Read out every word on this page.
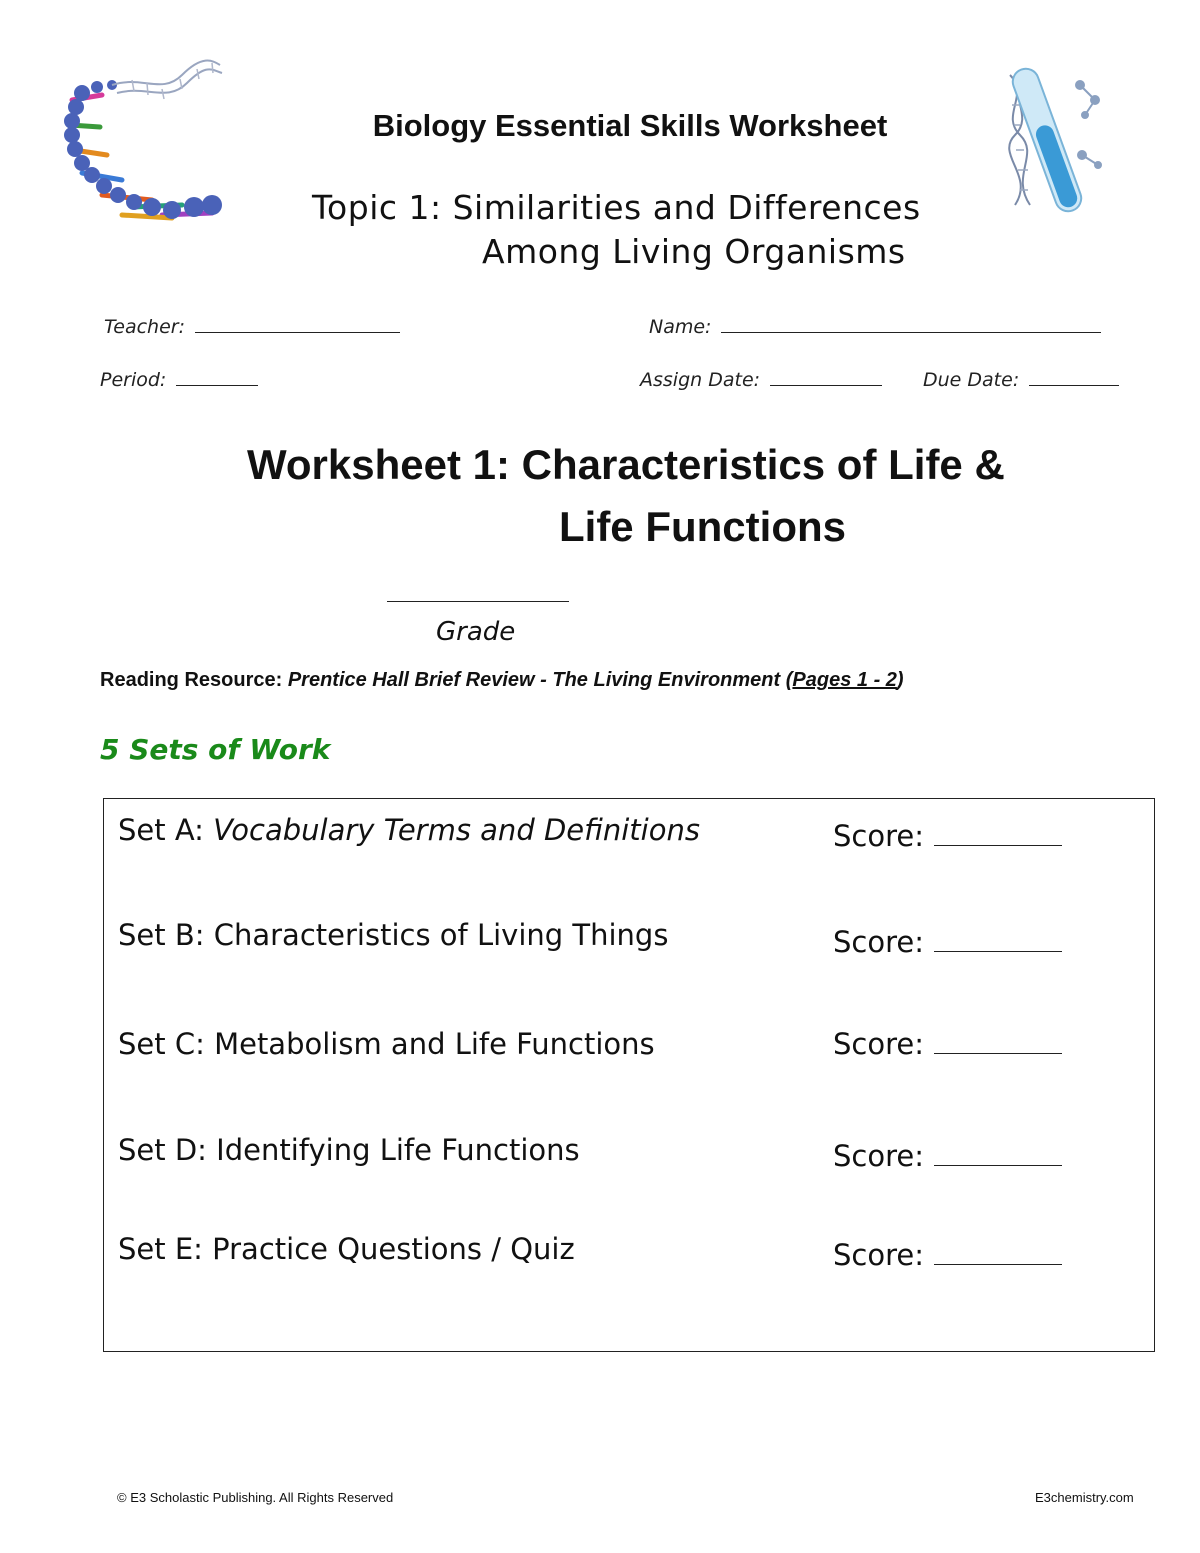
Biology Essential Skills Worksheet
Topic 1: Similarities and Differences
Among Living Organisms
Teacher:	Name:
Period:	Assign Date:	Due Date:
Worksheet 1: Characteristics of Life &
Life Functions
Grade
Reading Resource: Prentice Hall Brief Review - The Living Environment (Pages 1 - 2)
5 Sets of Work
Set A: Vocabulary Terms and Definitions	Score:
Set B: Characteristics of Living Things	Score:
Set C: Metabolism and Life Functions	Score:
Set D: Identifying Life Functions	Score:
Set E: Practice Questions / Quiz	Score:
© E3 Scholastic Publishing. All Rights Reserved	E3chemistry.com
